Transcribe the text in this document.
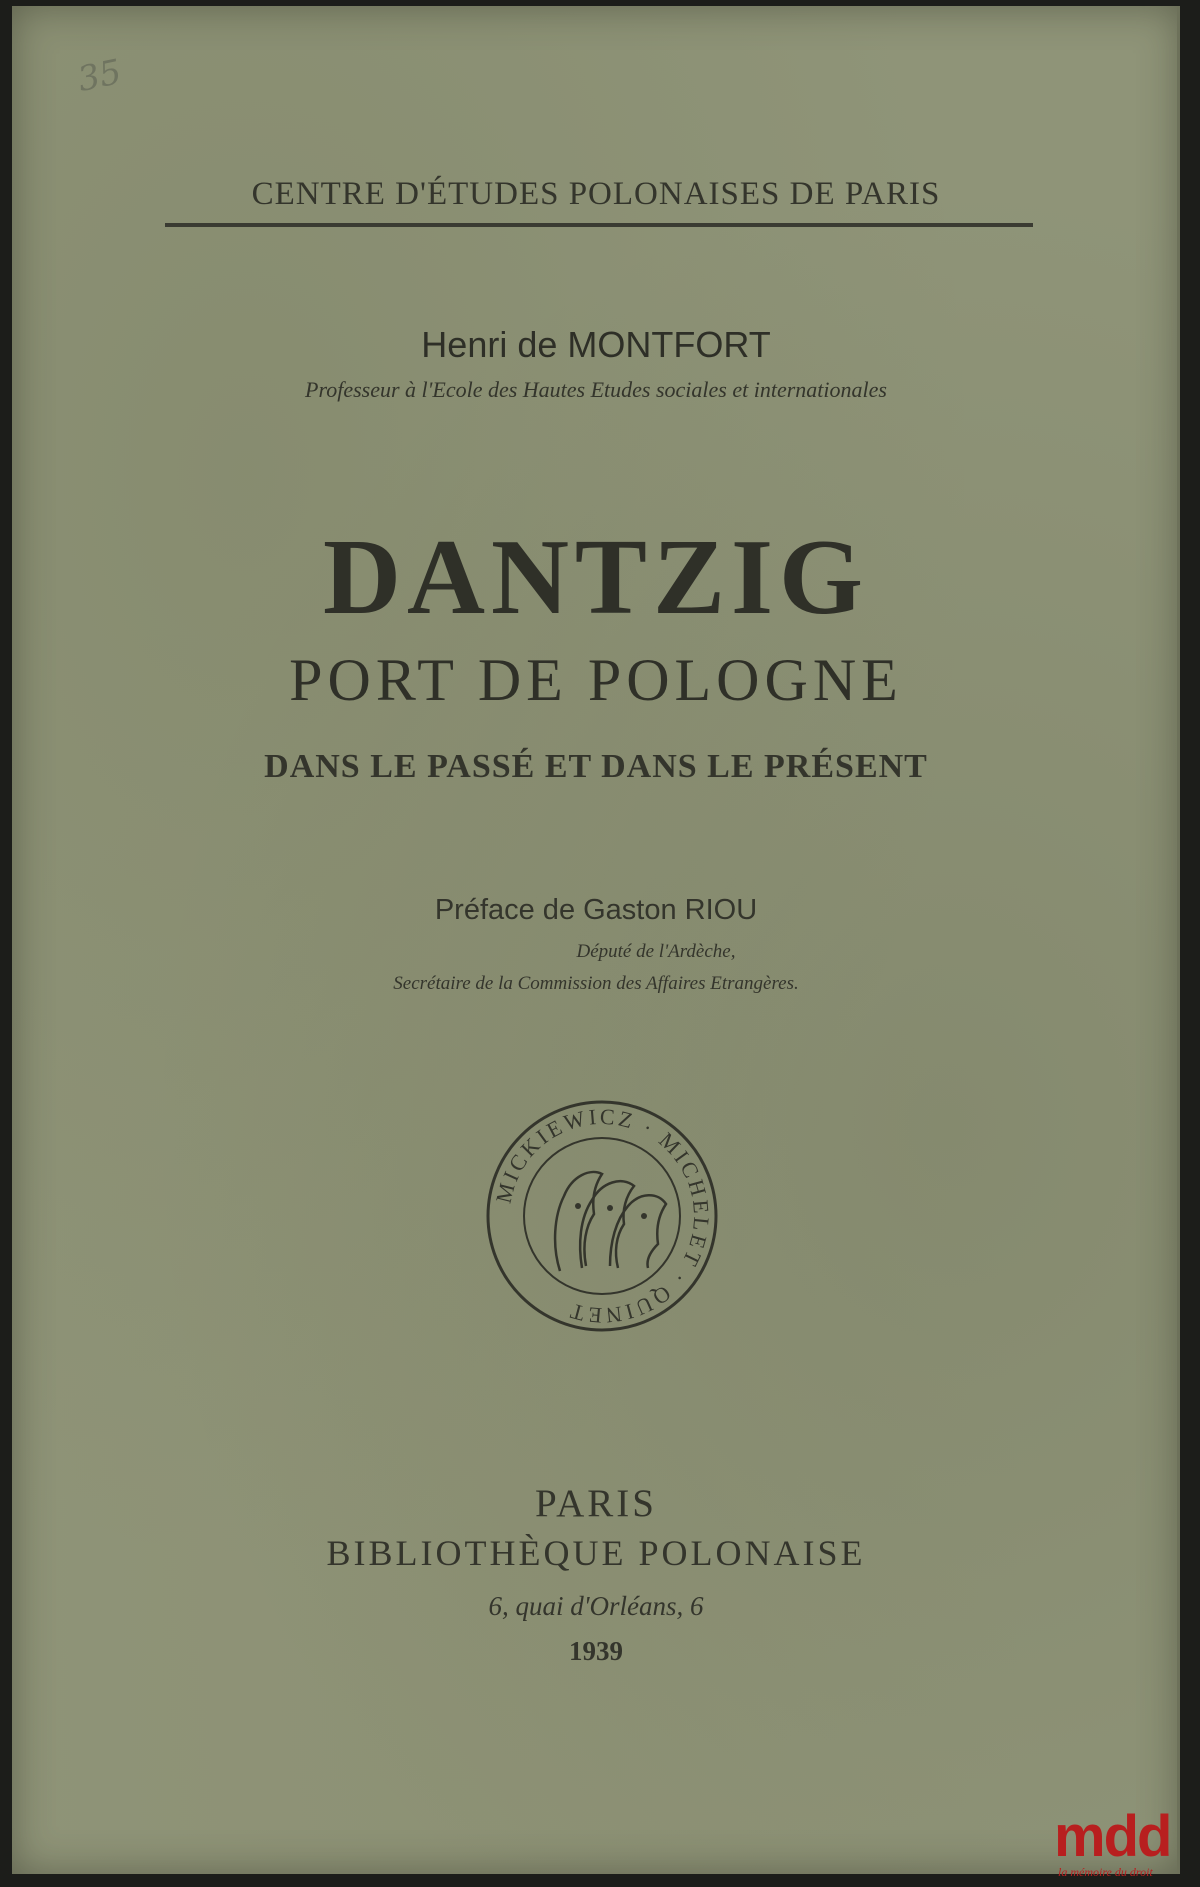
35
CENTRE D'ÉTUDES POLONAISES DE PARIS
Henri de MONTFORT
Professeur à l'Ecole des Hautes Etudes sociales et internationales
DANTZIG
PORT DE POLOGNE
DANS LE PASSÉ ET DANS LE PRÉSENT
Préface de Gaston RIOU
Député de l'Ardèche,
Secrétaire de la Commission des Affaires Etrangères.
MICKIEWICZ · MICHELET · QUINET
PARIS
BIBLIOTHÈQUE POLONAISE
6, quai d'Orléans, 6
1939
mdd
la mémoire du droit
